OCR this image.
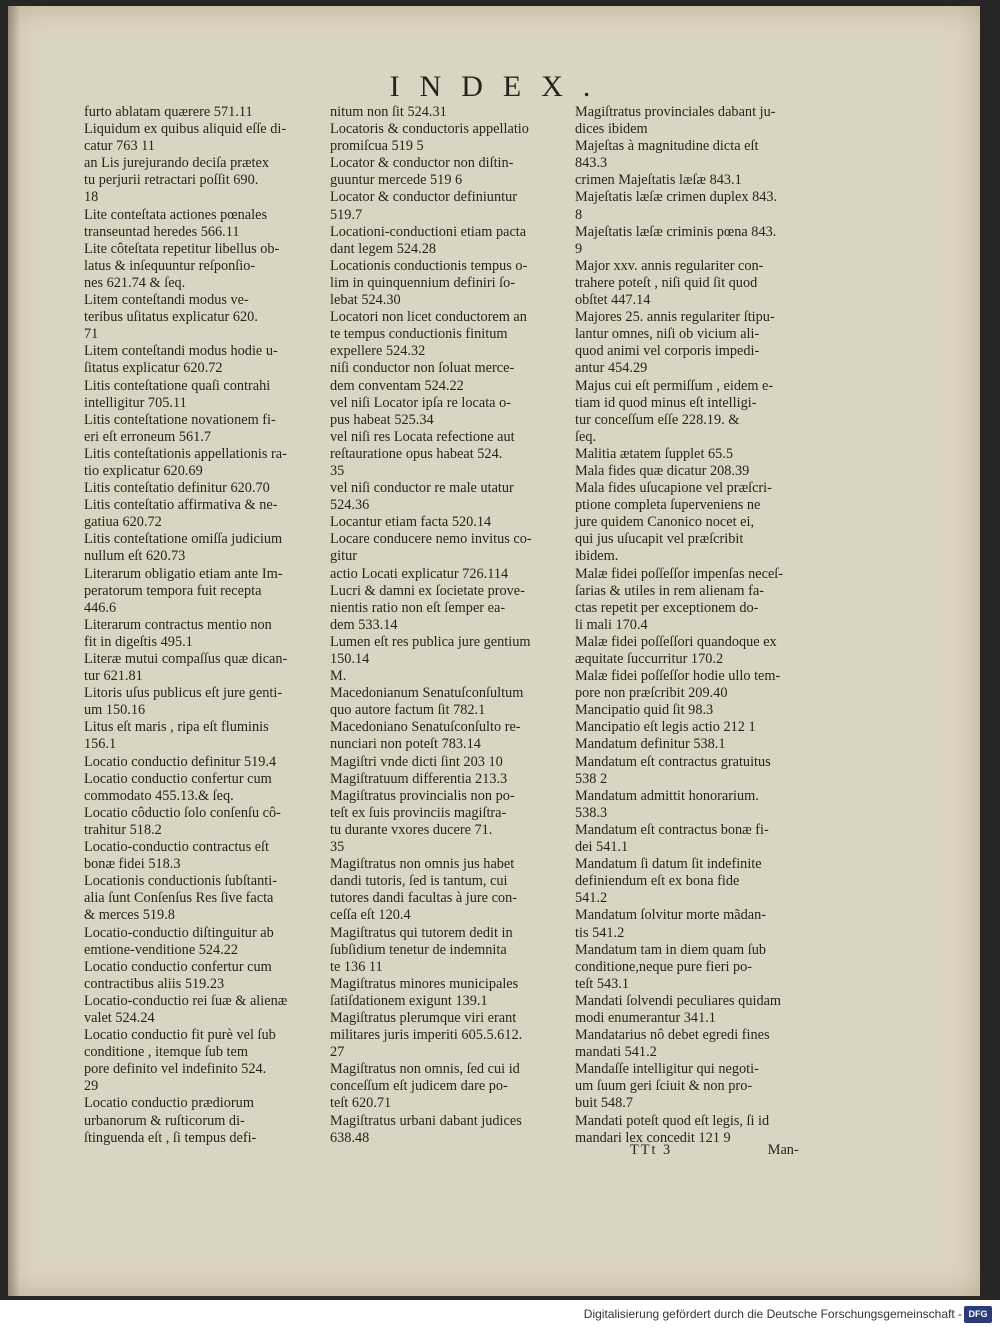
INDEX.
furto ablatam quærere 571.11
Liquidum ex quibus aliquid eſſe di-
catur 763 11
an Lis jurejurando deciſa prætex
tu perjurii retractari poſſit 690.
18
Lite conteſtata actiones pœnales
transeuntad heredes 566.11
Lite côteſtata repetitur libellus ob-
latus & inſequuntur reſponſio-
nes 621.74 & ſeq.
Litem conteſtandi modus ve-
teribus uſitatus explicatur 620.
71
Litem conteſtandi modus hodie u-
ſitatus explicatur 620.72
Litis conteſtatione quaſi contrahi
intelligitur 705.11
Litis conteſtatione novationem fi-
eri eſt erroneum 561.7
Litis conteſtationis appellationis ra-
tio explicatur 620.69
Litis conteſtatio definitur 620.70
Litis conteſtatio affirmativa & ne-
gatiua 620.72
Litis conteſtatione omiſſa judicium
nullum eſt 620.73
Literarum obligatio etiam ante Im-
peratorum tempora fuit recepta
446.6
Literarum contractus mentio non
fit in digeſtis 495.1
Literæ mutui compaſſus quæ dican-
tur 621.81
Litoris uſus publicus eſt jure genti-
um 150.16
Litus eſt maris , ripa eſt fluminis
156.1
Locatio conductio definitur 519.4
Locatio conductio confertur cum
commodato 455.13.& ſeq.
Locatio côductio ſolo conſenſu cô-
trahitur 518.2
Locatio-conductio contractus eſt
bonæ fidei 518.3
Locationis conductionis ſubſtanti-
alia ſunt Conſenſus Res ſive facta
& merces 519.8
Locatio-conductio diſtinguitur ab
emtione-venditione 524.22
Locatio conductio confertur cum
contractibus aliis 519.23
Locatio-conductio rei ſuæ & alienæ
valet 524.24
Locatio conductio fit purè vel ſub
conditione , itemque ſub tem
pore definito vel indefinito 524.
29
Locatio conductio prædiorum
urbanorum & ruſticorum di-
ſtinguenda eſt , ſi tempus defi-
nitum non ſit 524.31
Locatoris & conductoris appellatio
promiſcua 519 5
Locator & conductor non diſtin-
guuntur mercede 519 6
Locator & conductor definiuntur
519.7
Locationi-conductioni etiam pacta
dant legem 524.28
Locationis conductionis tempus o-
lim in quinquennium definiri ſo-
lebat 524.30
Locatori non licet conductorem an
te tempus conductionis finitum
expellere 524.32
niſi conductor non ſoluat merce-
dem conventam 524.22
vel niſi Locator ipſa re locata o-
pus habeat 525.34
vel niſi res Locata refectione aut
reſtauratione opus habeat 524.
35
vel niſi conductor re male utatur
524.36
Locantur etiam facta 520.14
Locare conducere nemo invitus co-
gitur
actio Locati explicatur 726.114
Lucri & damni ex ſocietate prove-
nientis ratio non eſt ſemper ea-
dem 533.14
Lumen eſt res publica jure gentium
150.14
M.
Macedonianum Senatuſconſultum
quo autore factum ſit 782.1
Macedoniano Senatuſconſulto re-
nunciari non poteſt 783.14
Magiſtri vnde dicti ſint 203 10
Magiſtratuum differentia 213.3
Magiſtratus provincialis non po-
teſt ex ſuis provinciis magiſtra-
tu durante vxores ducere 71.
35
Magiſtratus non omnis jus habet
dandi tutoris, ſed is tantum, cui
tutores dandi facultas à jure con-
ceſſa eſt 120.4
Magiſtratus qui tutorem dedit in
ſubſidium tenetur de indemnita
te 136 11
Magiſtratus minores municipales
ſatiſdationem exigunt 139.1
Magiſtratus plerumque viri erant
militares juris imperiti 605.5.612.
27
Magiſtratus non omnis, ſed cui id
conceſſum eſt judicem dare po-
teſt 620.71
Magiſtratus urbani dabant judices
638.48
Magiſtratus provinciales dabant ju-
dices ibidem
Majeſtas à magnitudine dicta eſt
843.3
crimen Majeſtatis læſæ 843.1
Majeſtatis læſæ crimen duplex 843.
8
Majeſtatis læſæ criminis pœna 843.
9
Major xxv. annis regulariter con-
trahere poteſt , niſi quid ſit quod
obſtet 447.14
Majores 25. annis regulariter ſtipu-
lantur omnes, niſi ob vicium ali-
quod animi vel corporis impedi-
antur 454.29
Majus cui eſt permiſſum , eidem e-
tiam id quod minus eſt intelligi-
tur conceſſum eſſe 228.19. &
ſeq.
Malitia ætatem ſupplet 65.5
Mala fides quæ dicatur 208.39
Mala fides uſucapione vel præſcri-
ptione completa ſuperveniens ne
jure quidem Canonico nocet ei,
qui jus uſucapit vel præſcribit
ibidem.
Malæ fidei poſſeſſor impenſas neceſ-
ſarias & utiles in rem alienam fa-
ctas repetit per exceptionem do-
li mali 170.4
Malæ fidei poſſeſſori quandoque ex
æquitate ſuccurritur 170.2
Malæ fidei poſſeſſor hodie ullo tem-
pore non præſcribit 209.40
Mancipatio quid ſit 98.3
Mancipatio eſt legis actio 212 1
Mandatum definitur 538.1
Mandatum eſt contractus gratuitus
538 2
Mandatum admittit honorarium.
538.3
Mandatum eſt contractus bonæ fi-
dei 541.1
Mandatum ſi datum ſit indefinite
definiendum eſt ex bona fide
541.2
Mandatum ſolvitur morte mãdan-
tis 541.2
Mandatum tam in diem quam ſub
conditione,neque pure fieri po-
teſt 543.1
Mandati ſolvendi peculiares quidam
modi enumerantur 341.1
Mandatarius nô debet egredi fines
mandati 541.2
Mandaſſe intelligitur qui negoti-
um ſuum geri ſciuit & non pro-
buit 548.7
Mandati poteſt quod eſt legis, ſi id
mandari lex concedit 121 9
TTt 3	Man-
Digitalisierung gefördert durch die Deutsche Forschungsgemeinschaft - DFG
